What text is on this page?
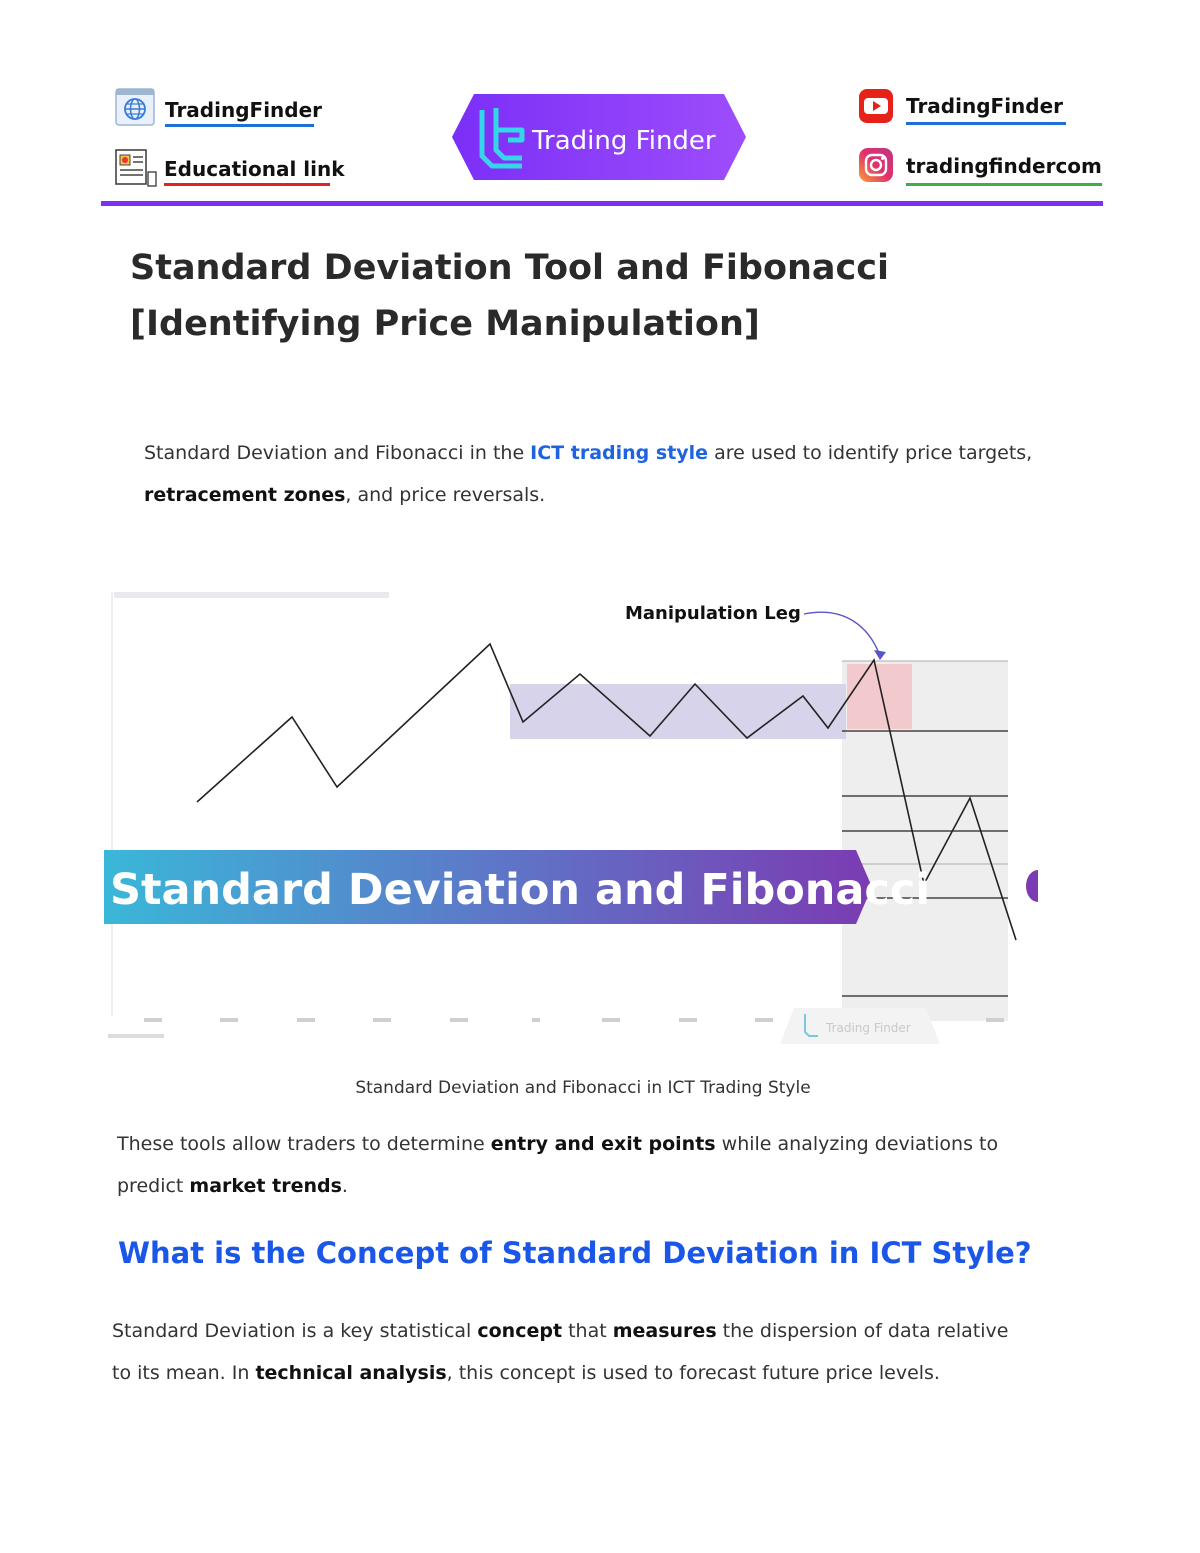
TradingFinder
Educational link
Trading Finder
TradingFinder
tradingfindercom
Standard Deviation Tool and Fibonacci [Identifying Price Manipulation]

Standard Deviation and Fibonacci in the ICT trading style are used to identify price targets, retracement zones, and price reversals.

Manipulation Leg
Trading Finder
Standard Deviation and Fibonacci
Standard Deviation and Fibonacci in ICT Trading Style

These tools allow traders to determine entry and exit points while analyzing deviations to predict market trends.

What is the Concept of Standard Deviation in ICT Style?

Standard Deviation is a key statistical concept that measures the dispersion of data relative to its mean. In technical analysis, this concept is used to forecast future price levels.
